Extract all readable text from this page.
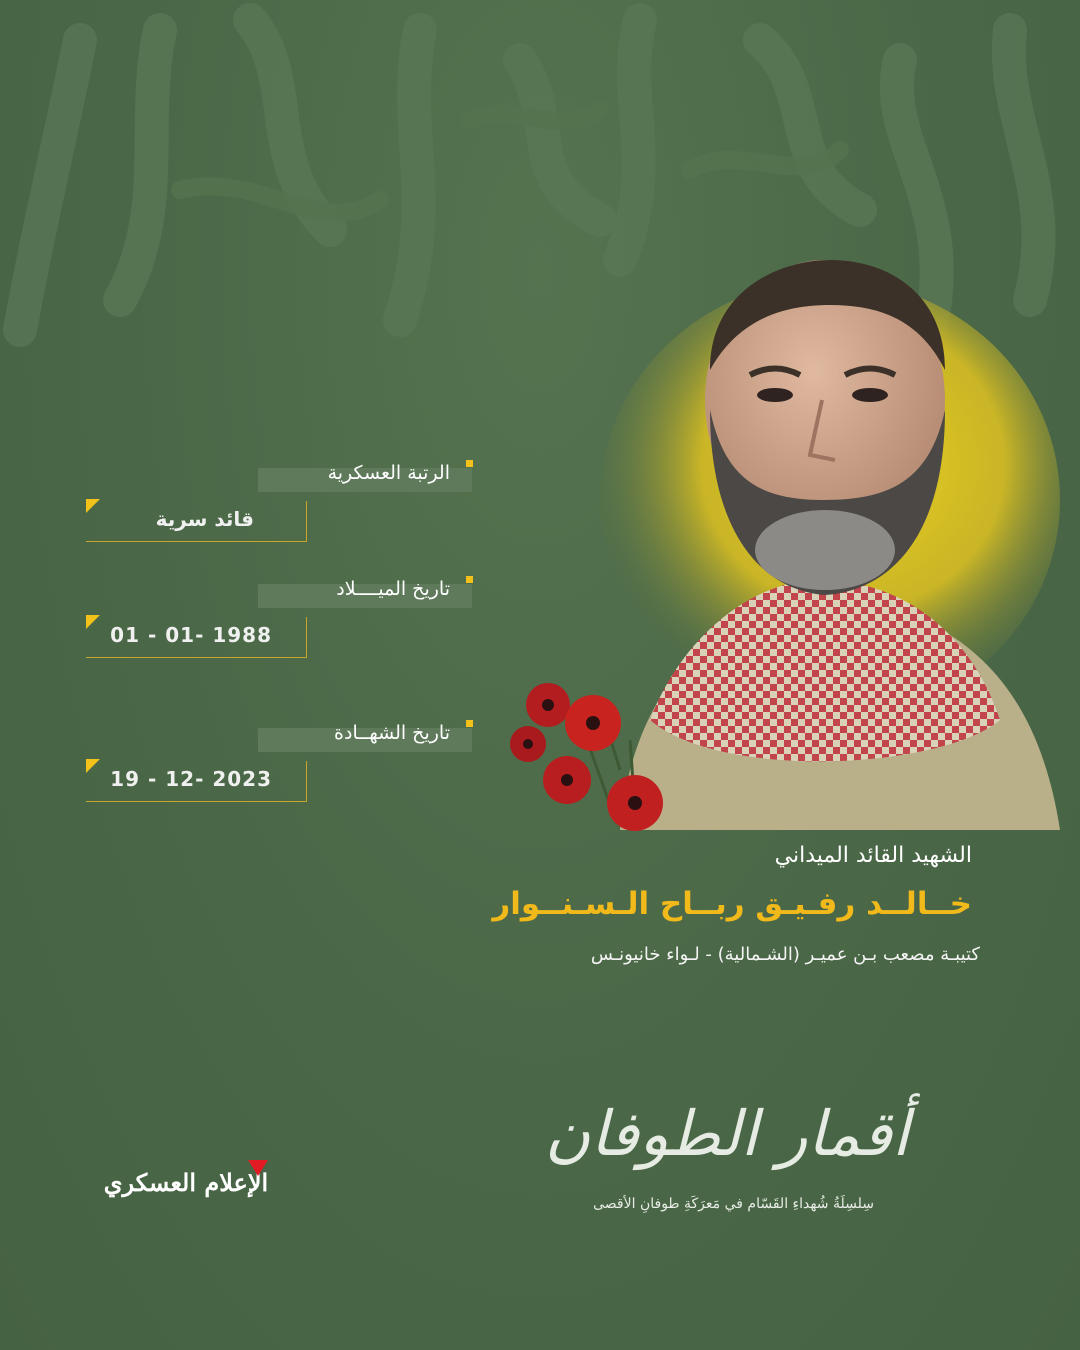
الرتبة العسكرية
قائد سرية
تاريخ الميــــلاد
01 - 01- 1988
تاريخ الشهــادة
19 - 12- 2023
الشهيد القائد الميداني
خــالــد رفـيـق ربــاح الـسـنــوار
كتيبـة مصعب بـن عميـر (الشـمالية) - لـواء خانيونـس
أقمار الطوفان
سِلسِلَةُ شُهداءِ القَسّام في مَعرَكَةِ طوفانِ الأقصى
الإعلام العسكري
